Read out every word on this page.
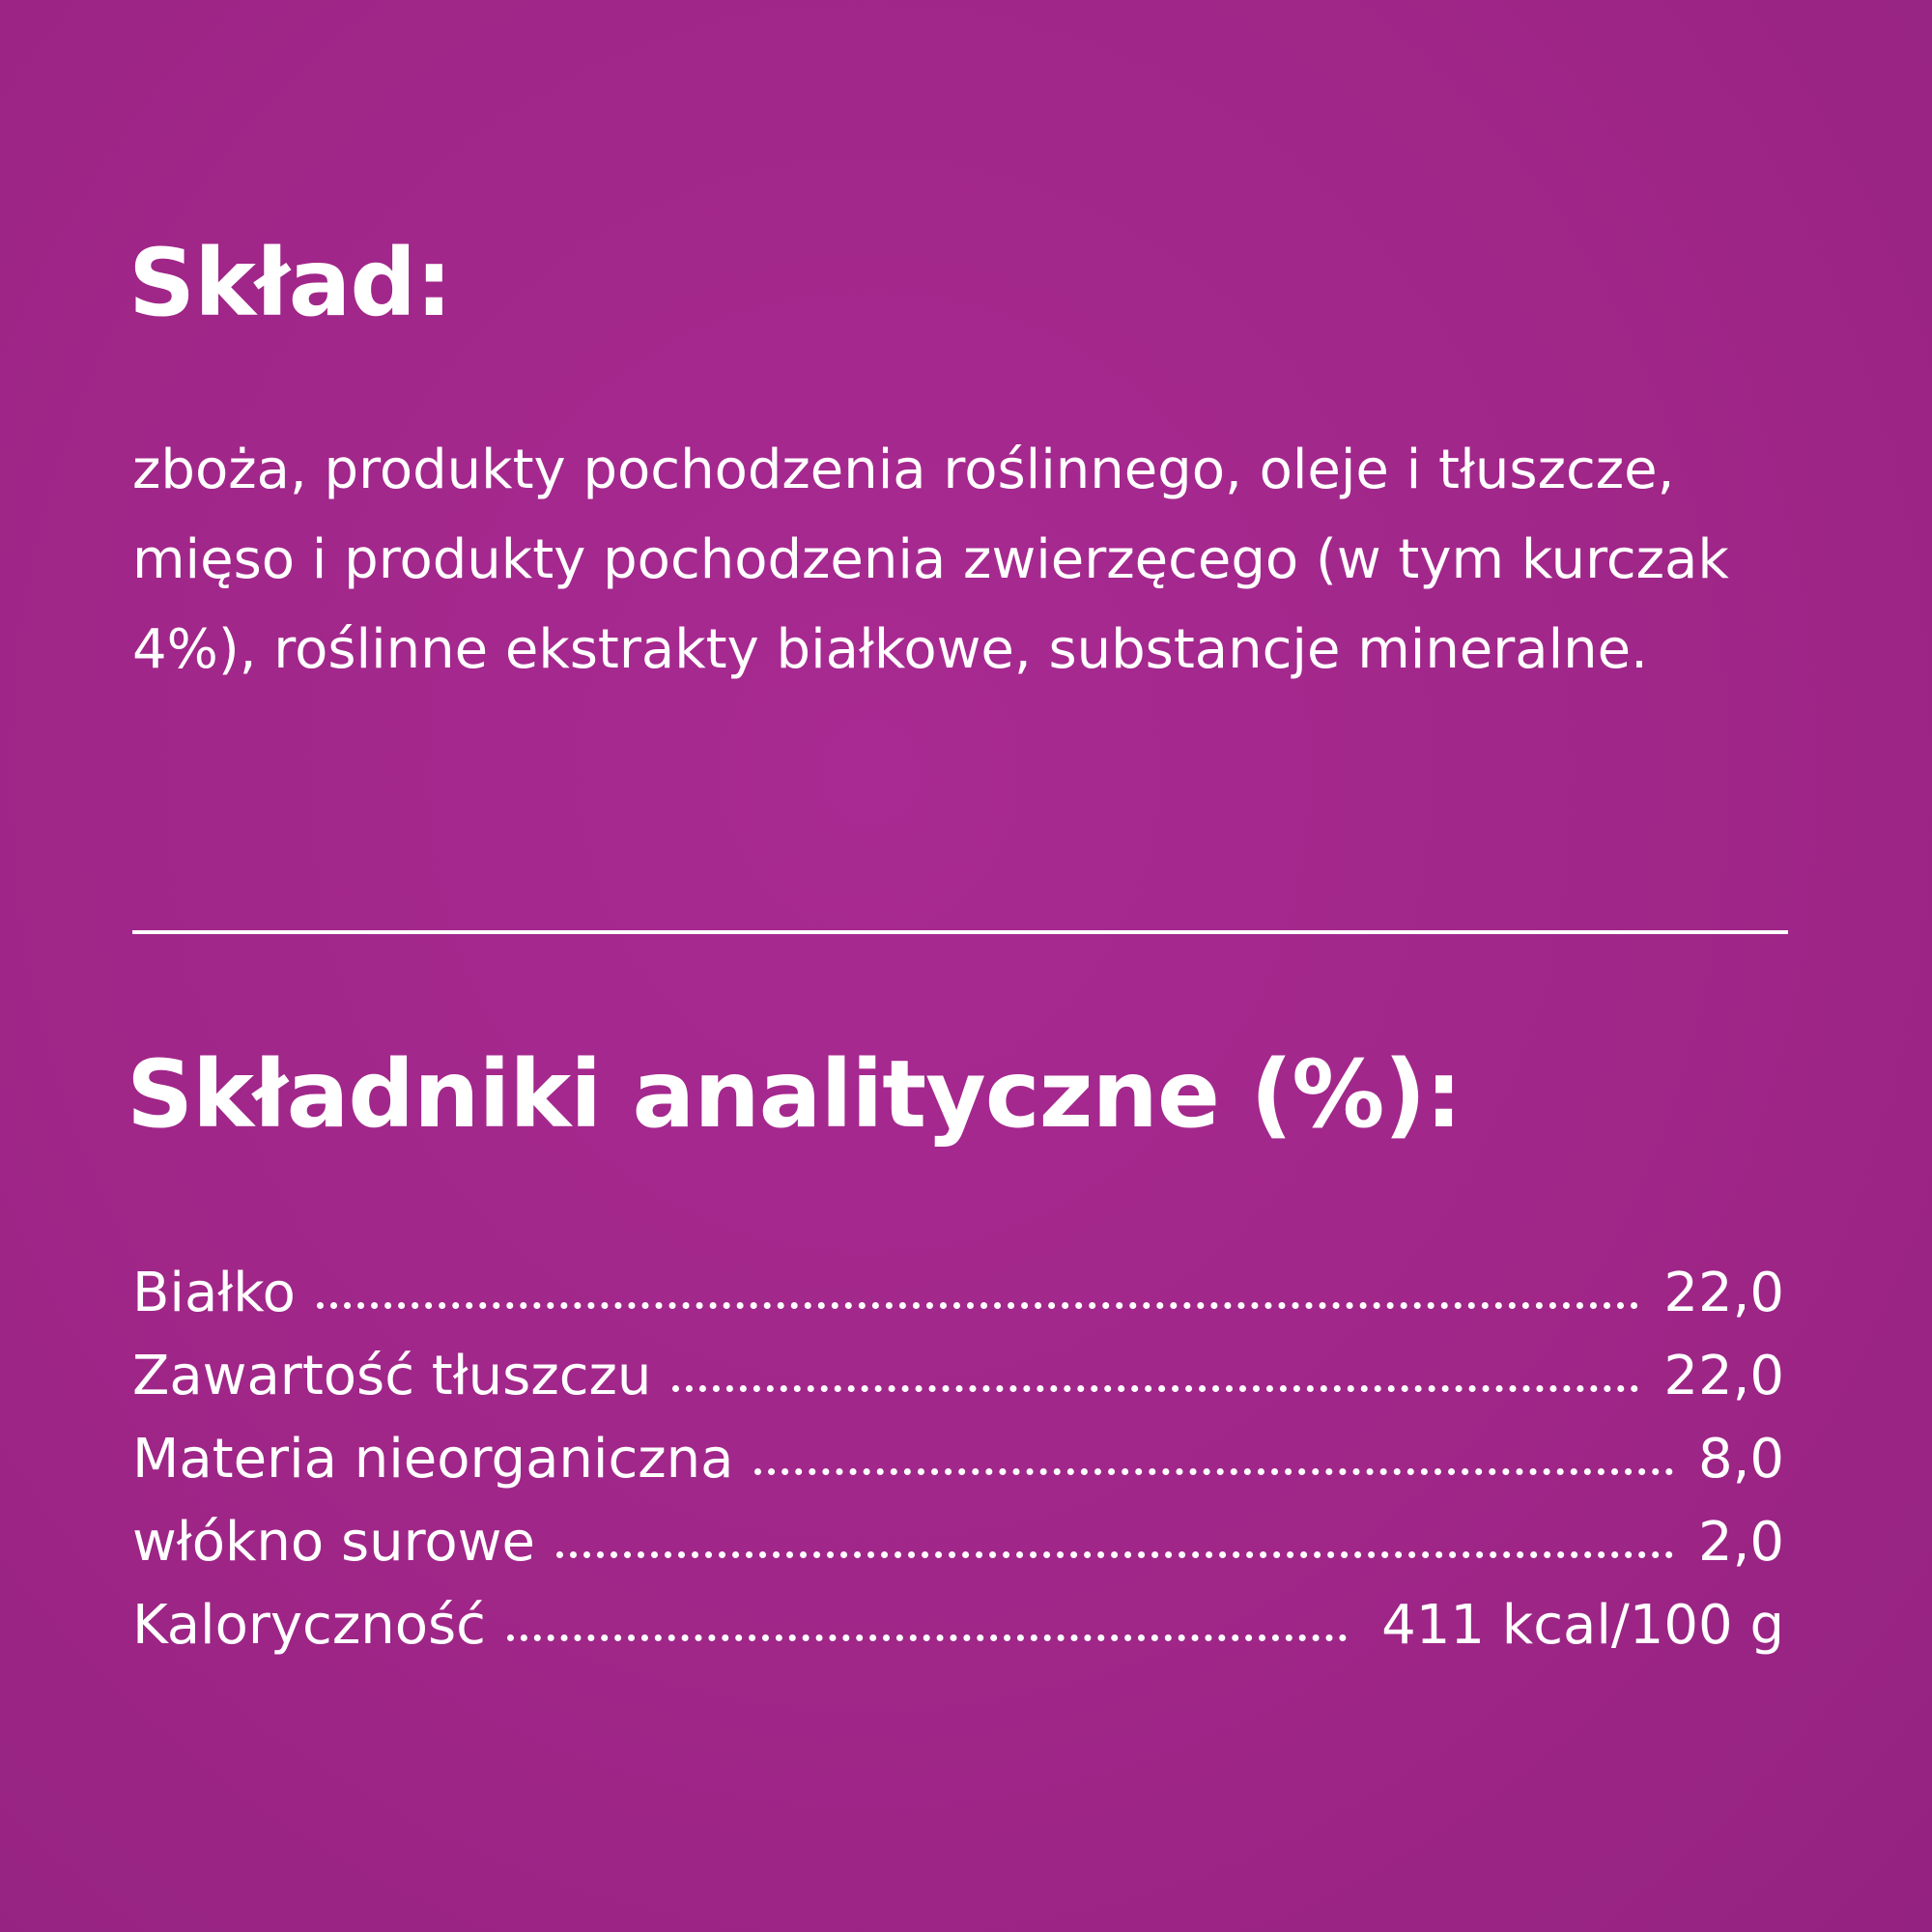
Skład:

zboża, produkty pochodzenia roślinnego, oleje i tłuszcze, mięso i produkty pochodzenia zwierzęcego (w tym kurczak 4%), roślinne ekstrakty białkowe, substancje mineralne.

Składniki analityczne (%):
Białko	22,0
Zawartość tłuszczu	22,0
Materia nieorganiczna	8,0
włókno surowe	2,0
Kaloryczność	411 kcal/100 g
